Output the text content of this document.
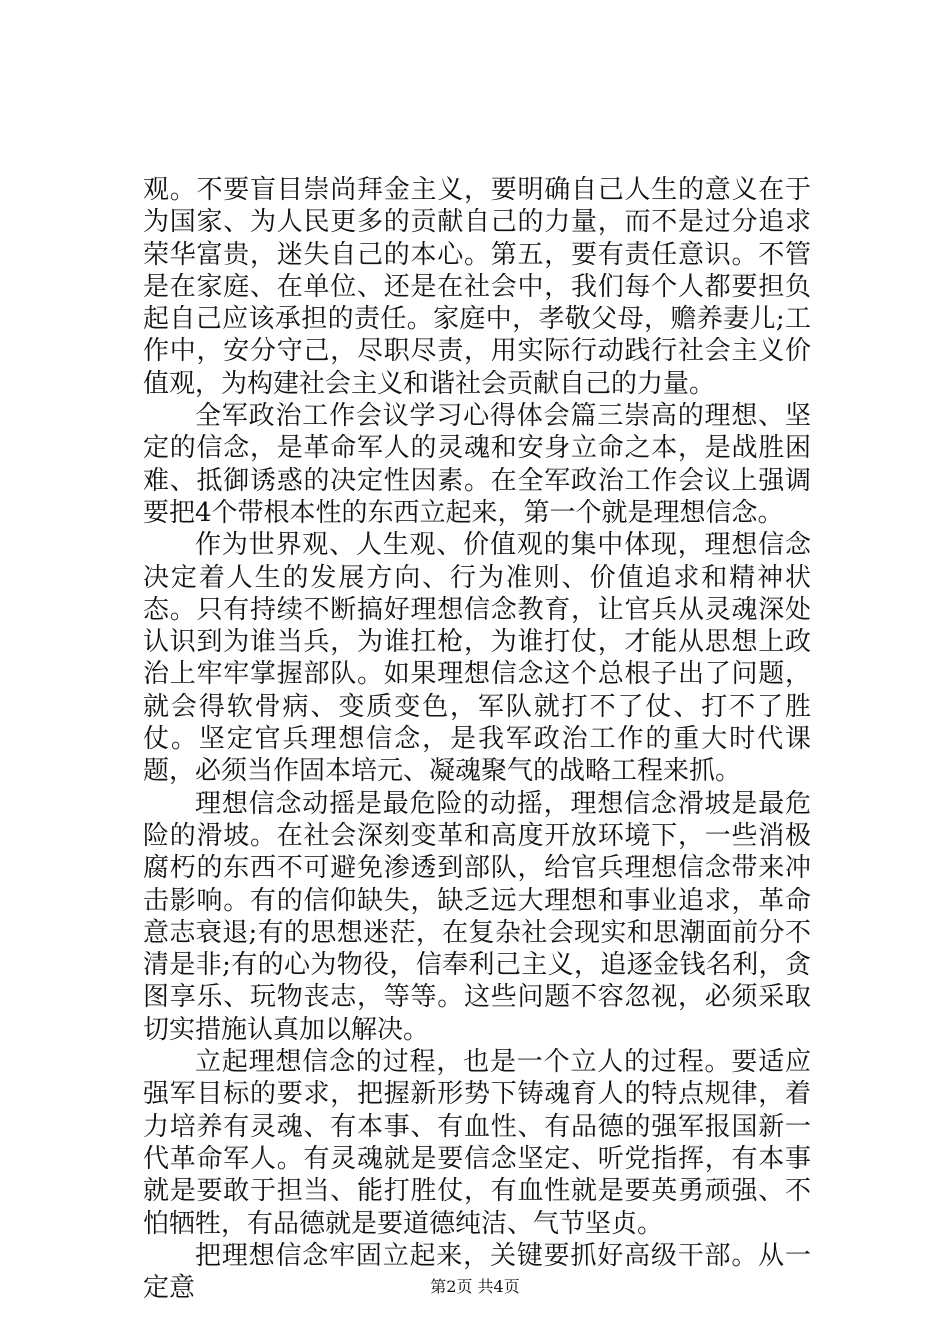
观。不要盲目崇尚拜金主义，要明确自己人生的意义在于为国家、为人民更多的贡献自己的力量，而不是过分追求荣华富贵，迷失自己的本心。第五，要有责任意识。不管是在家庭、在单位、还是在社会中，我们每个人都要担负起自己应该承担的责任。家庭中，孝敬父母，赡养妻儿;工作中，安分守己，尽职尽责，用实际行动践行社会主义价值观，为构建社会主义和谐社会贡献自己的力量。

全军政治工作会议学习心得体会篇三崇高的理想、坚定的信念，是革命军人的灵魂和安身立命之本，是战胜困难、抵御诱惑的决定性因素。在全军政治工作会议上强调要把4个带根本性的东西立起来，第一个就是理想信念。

作为世界观、人生观、价值观的集中体现，理想信念决定着人生的发展方向、行为准则、价值追求和精神状态。只有持续不断搞好理想信念教育，让官兵从灵魂深处认识到为谁当兵，为谁扛枪，为谁打仗，才能从思想上政治上牢牢掌握部队。如果理想信念这个总根子出了问题，就会得软骨病、变质变色，军队就打不了仗、打不了胜仗。坚定官兵理想信念，是我军政治工作的重大时代课题，必须当作固本培元、凝魂聚气的战略工程来抓。

理想信念动摇是最危险的动摇，理想信念滑坡是最危险的滑坡。在社会深刻变革和高度开放环境下，一些消极腐朽的东西不可避免渗透到部队，给官兵理想信念带来冲击影响。有的信仰缺失，缺乏远大理想和事业追求，革命意志衰退;有的思想迷茫，在复杂社会现实和思潮面前分不清是非;有的心为物役，信奉利己主义，追逐金钱名利，贪图享乐、玩物丧志，等等。这些问题不容忽视，必须采取切实措施认真加以解决。

立起理想信念的过程，也是一个立人的过程。要适应强军目标的要求，把握新形势下铸魂育人的特点规律，着力培养有灵魂、有本事、有血性、有品德的强军报国新一代革命军人。有灵魂就是要信念坚定、听党指挥，有本事就是要敢于担当、能打胜仗，有血性就是要英勇顽强、不怕牺牲，有品德就是要道德纯洁、气节坚贞。

把理想信念牢固立起来，关键要抓好高级干部。从一定意	第2页 共4页
